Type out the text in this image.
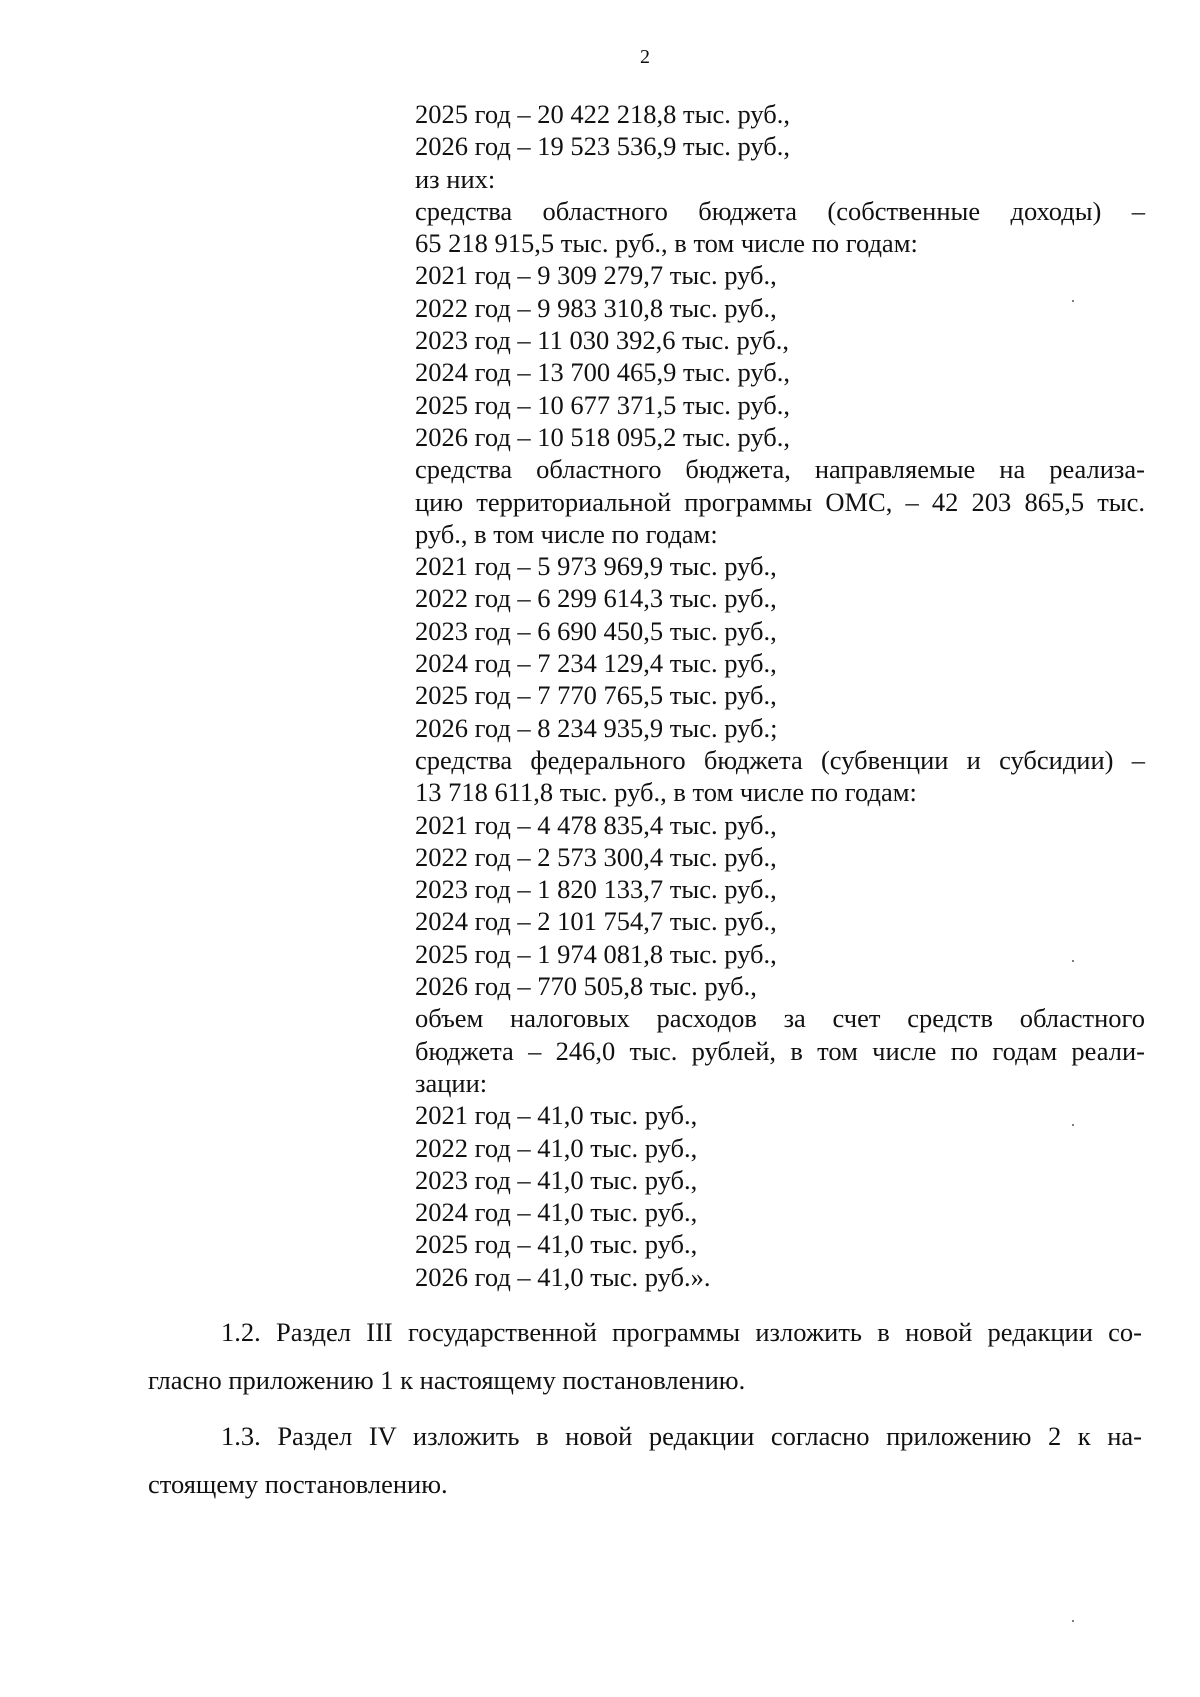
2
2025 год – 20 422 218,8 тыс. руб.,
2026 год – 19 523 536,9 тыс. руб.,
из них:
средства областного бюджета (собственные доходы) –
65 218 915,5 тыс. руб., в том числе по годам:
2021 год – 9 309 279,7 тыс. руб.,
2022 год – 9 983 310,8 тыс. руб.,
2023 год – 11 030 392,6 тыс. руб.,
2024 год – 13 700 465,9 тыс. руб.,
2025 год – 10 677 371,5 тыс. руб.,
2026 год – 10 518 095,2 тыс. руб.,
средства областного бюджета, направляемые на реализа-
цию территориальной программы ОМС, – 42 203 865,5 тыс.
руб., в том числе по годам:
2021 год – 5 973 969,9 тыс. руб.,
2022 год – 6 299 614,3 тыс. руб.,
2023 год – 6 690 450,5 тыс. руб.,
2024 год – 7 234 129,4 тыс. руб.,
2025 год – 7 770 765,5 тыс. руб.,
2026 год – 8 234 935,9 тыс. руб.;
средства федерального бюджета (субвенции и субсидии) –
13 718 611,8 тыс. руб., в том числе по годам:
2021 год – 4 478 835,4 тыс. руб.,
2022 год – 2 573 300,4 тыс. руб.,
2023 год – 1 820 133,7 тыс. руб.,
2024 год – 2 101 754,7 тыс. руб.,
2025 год – 1 974 081,8 тыс. руб.,
2026 год – 770 505,8 тыс. руб.,
объем налоговых расходов за счет средств областного
бюджета – 246,0 тыс. рублей, в том числе по годам реали-
зации:
2021 год – 41,0 тыс. руб.,
2022 год – 41,0 тыс. руб.,
2023 год – 41,0 тыс. руб.,
2024 год – 41,0 тыс. руб.,
2025 год – 41,0 тыс. руб.,
2026 год – 41,0 тыс. руб.».
1.2. Раздел III государственной программы изложить в новой редакции со-
гласно приложению 1 к настоящему постановлению.
1.3. Раздел IV изложить в новой редакции согласно приложению 2 к на-
стоящему постановлению.
